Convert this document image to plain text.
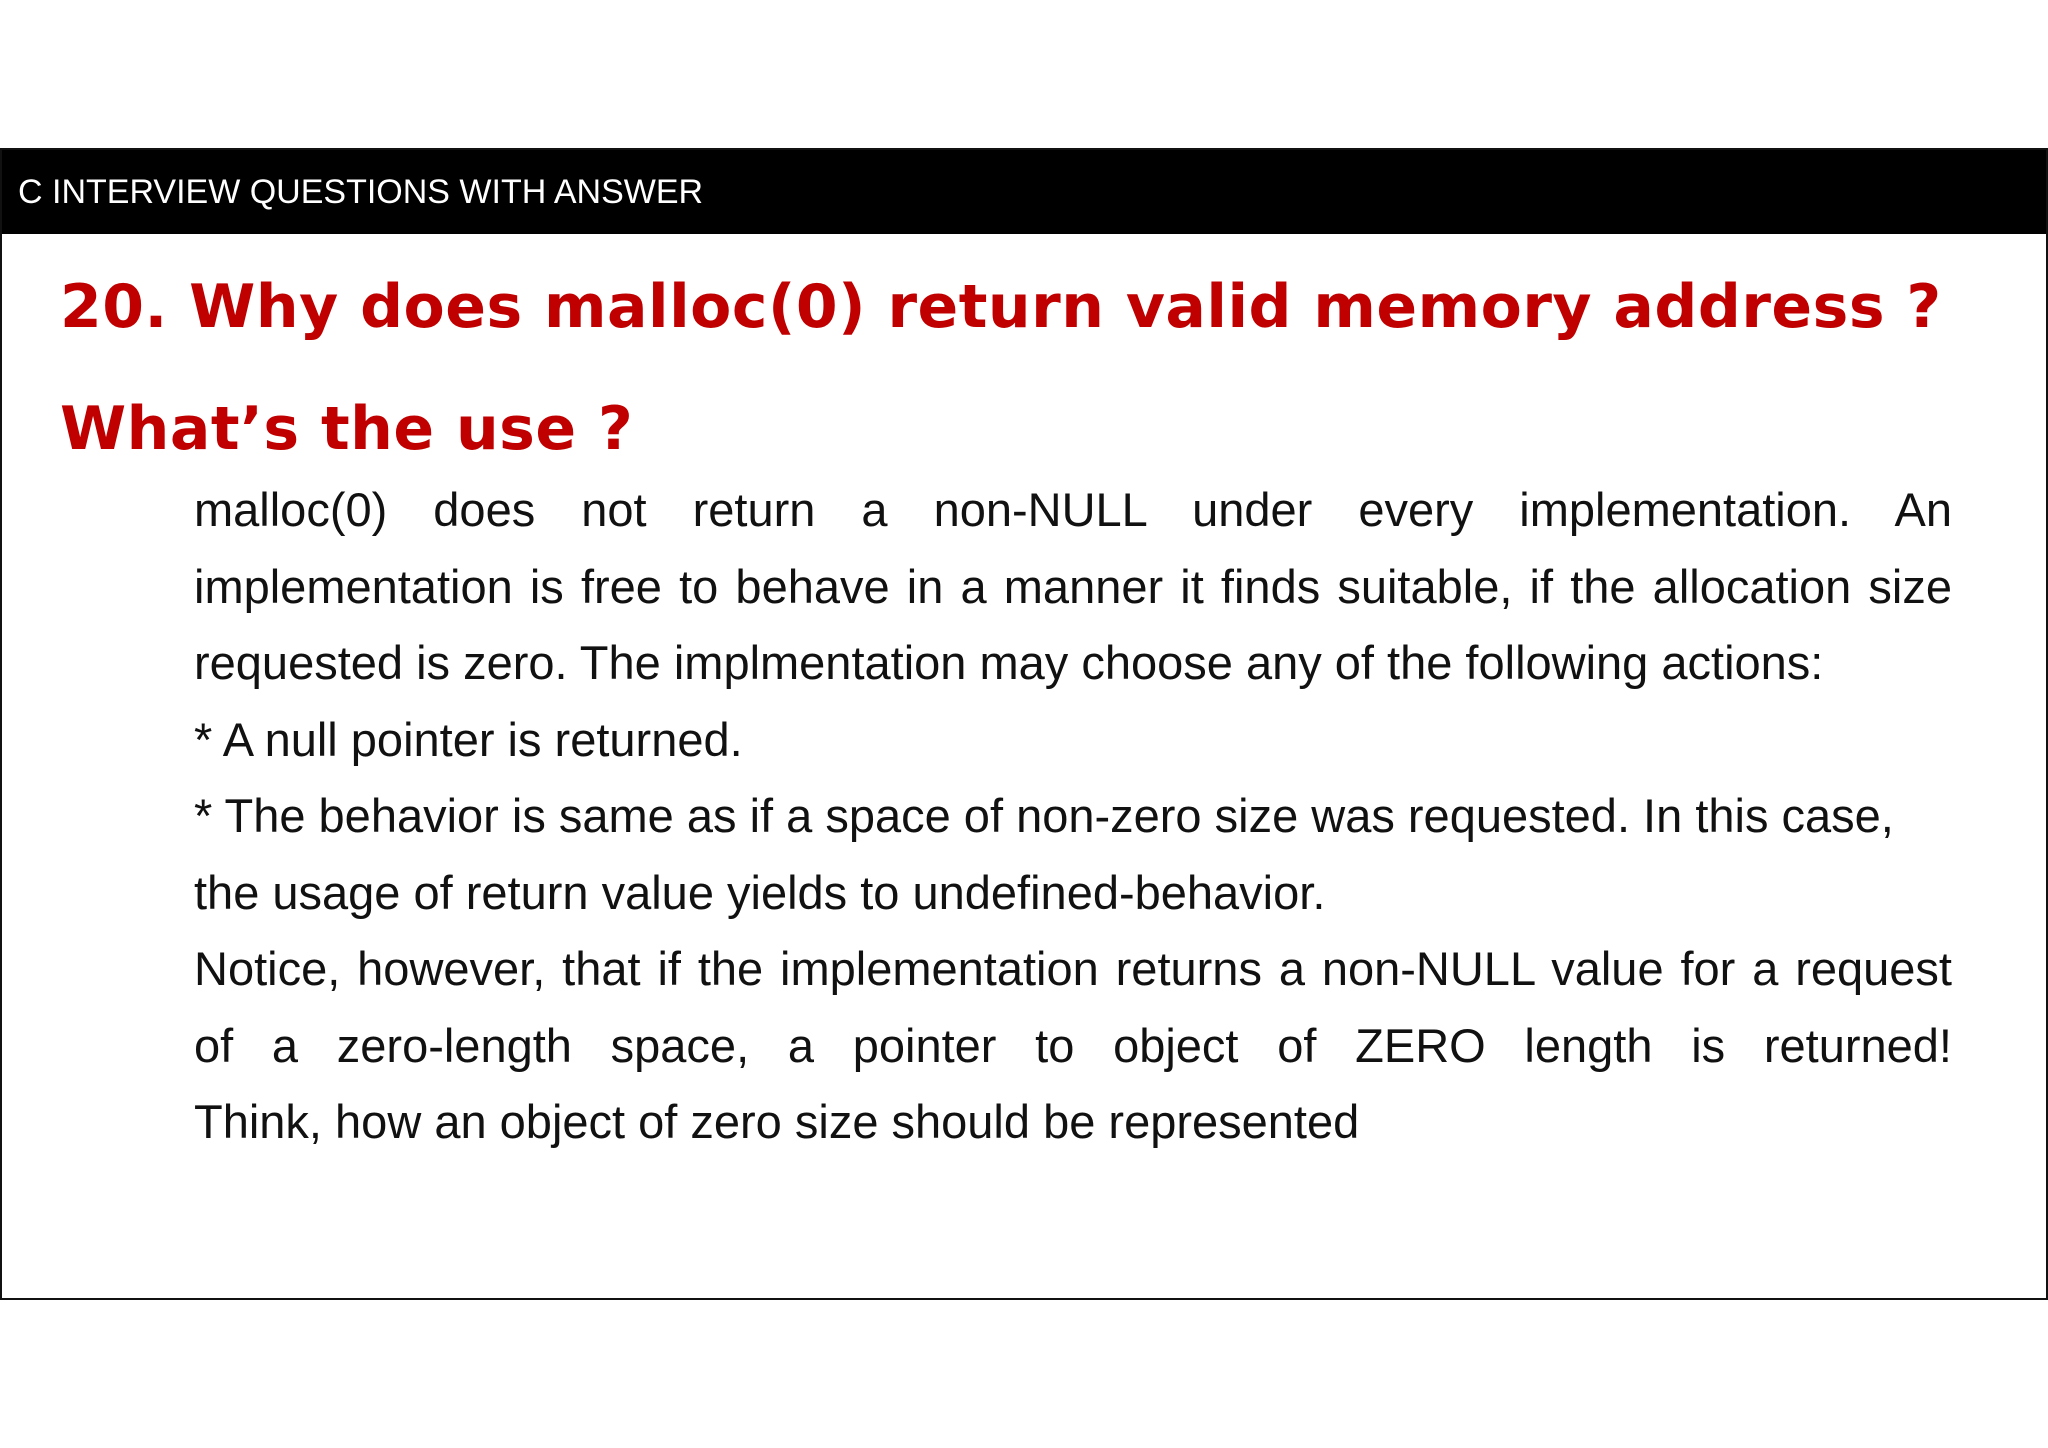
C INTERVIEW QUESTIONS WITH ANSWER
20. Why does malloc(0) return valid memory address ?
What’s the use ?

malloc(0) does not return a non-NULL under every implementation. An implementation is free to behave in a manner it finds suitable, if the allocation size requested is zero. The implmentation may choose any of the following actions:

* A null pointer is returned.

* The behavior is same as if a space of non-zero size was requested. In this case, the usage of return value yields to undefined-behavior.

Notice, however, that if the implementation returns a non-NULL value for a request of a zero-length space, a pointer to object of ZERO length is returned!

Think, how an object of zero size should be represented
